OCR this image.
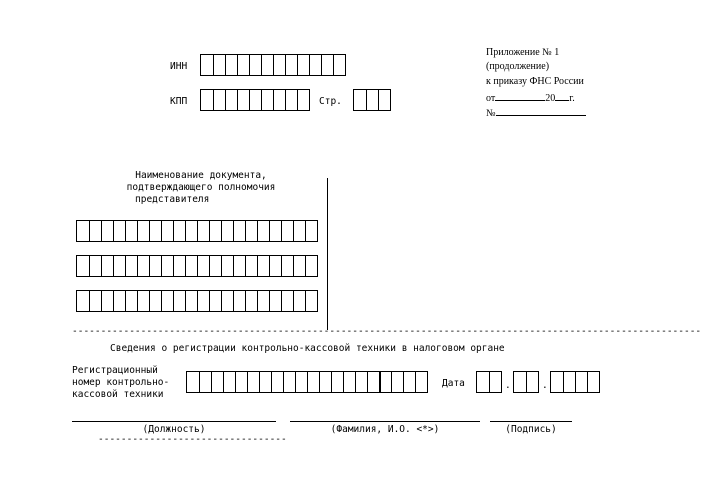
ИНН
КПП	Стр.
Приложение № 1
(продолжение)
к приказу ФНС России
от	20 г.
№
Наименование документа,
подтверждающего полномочия
представителя
--------------------------------------------------------------------------------------------------------------
Сведения о регистрации контрольно-кассовой техники в налоговом органе
Регистрационный
номер контрольно-
кассовой техники
Дата	.	.
(Должность)	(Фамилия, И.О. <*>)	(Подпись)
---------------------------------
